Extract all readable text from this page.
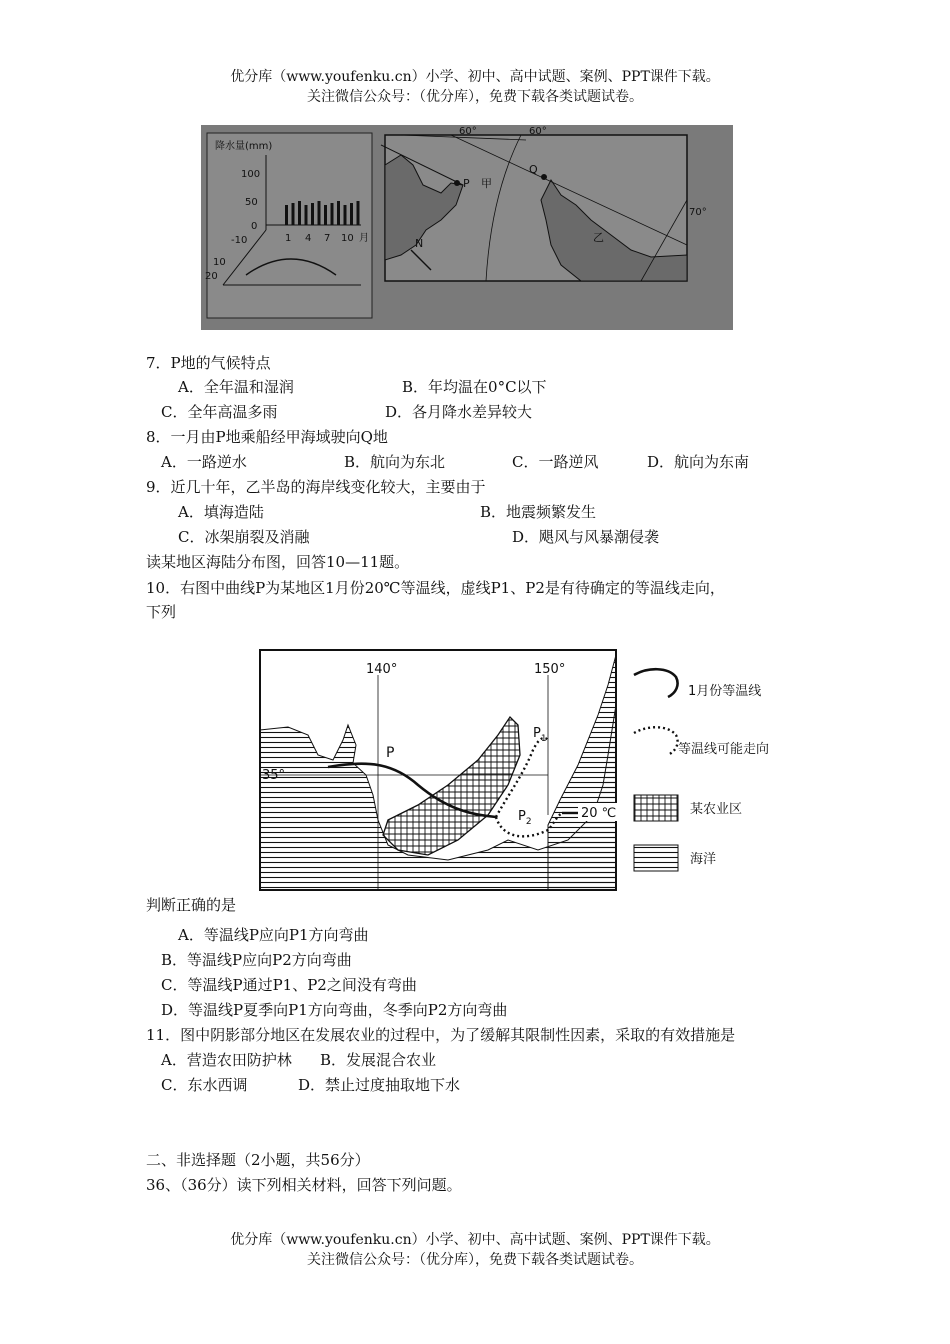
优分库（www.youfenku.cn）小学、初中、高中试题、案例、PPT课件下载。
关注微信公众号：（优分库），免费下载各类试题试卷。
降水量(mm)
100
50
0
1 4 7 10 月
-10
10
20
60°	60°
70°
P 甲
Q
乙
N
7．P地的气候特点
A．全年温和湿润	B．年均温在0°C以下
C．全年高温多雨	D．各月降水差异较大
8．一月由P地乘船经甲海域驶向Q地
A．一路逆水	B．航向为东北	C．一路逆风	D．航向为东南
9．近几十年，乙半岛的海岸线变化较大，主要由于
A．填海造陆	B．地震频繁发生
C．冰架崩裂及消融	D．飓风与风暴潮侵袭
读某地区海陆分布图，回答10—11题。
10．右图中曲线P为某地区1月份20℃等温线，虚线P1、P2是有待确定的等温线走向，
下列
140°	150°
35°
P
$P_1$
$P_2$
20 ℃
1月份等温线
等温线可能走向
某农业区
海洋
判断正确的是
A．等温线P应向P1方向弯曲
B．等温线P应向P2方向弯曲
C．等温线P通过P1、P2之间没有弯曲
D．等温线P夏季向P1方向弯曲，冬季向P2方向弯曲
11．图中阴影部分地区在发展农业的过程中，为了缓解其限制性因素，采取的有效措施是
A．营造农田防护林 B．发展混合农业
C．东水西调	D．禁止过度抽取地下水
二、非选择题（2小题，共56分）
36、（36分）读下列相关材料，回答下列问题。
优分库（www.youfenku.cn）小学、初中、高中试题、案例、PPT课件下载。
关注微信公众号：（优分库），免费下载各类试题试卷。
